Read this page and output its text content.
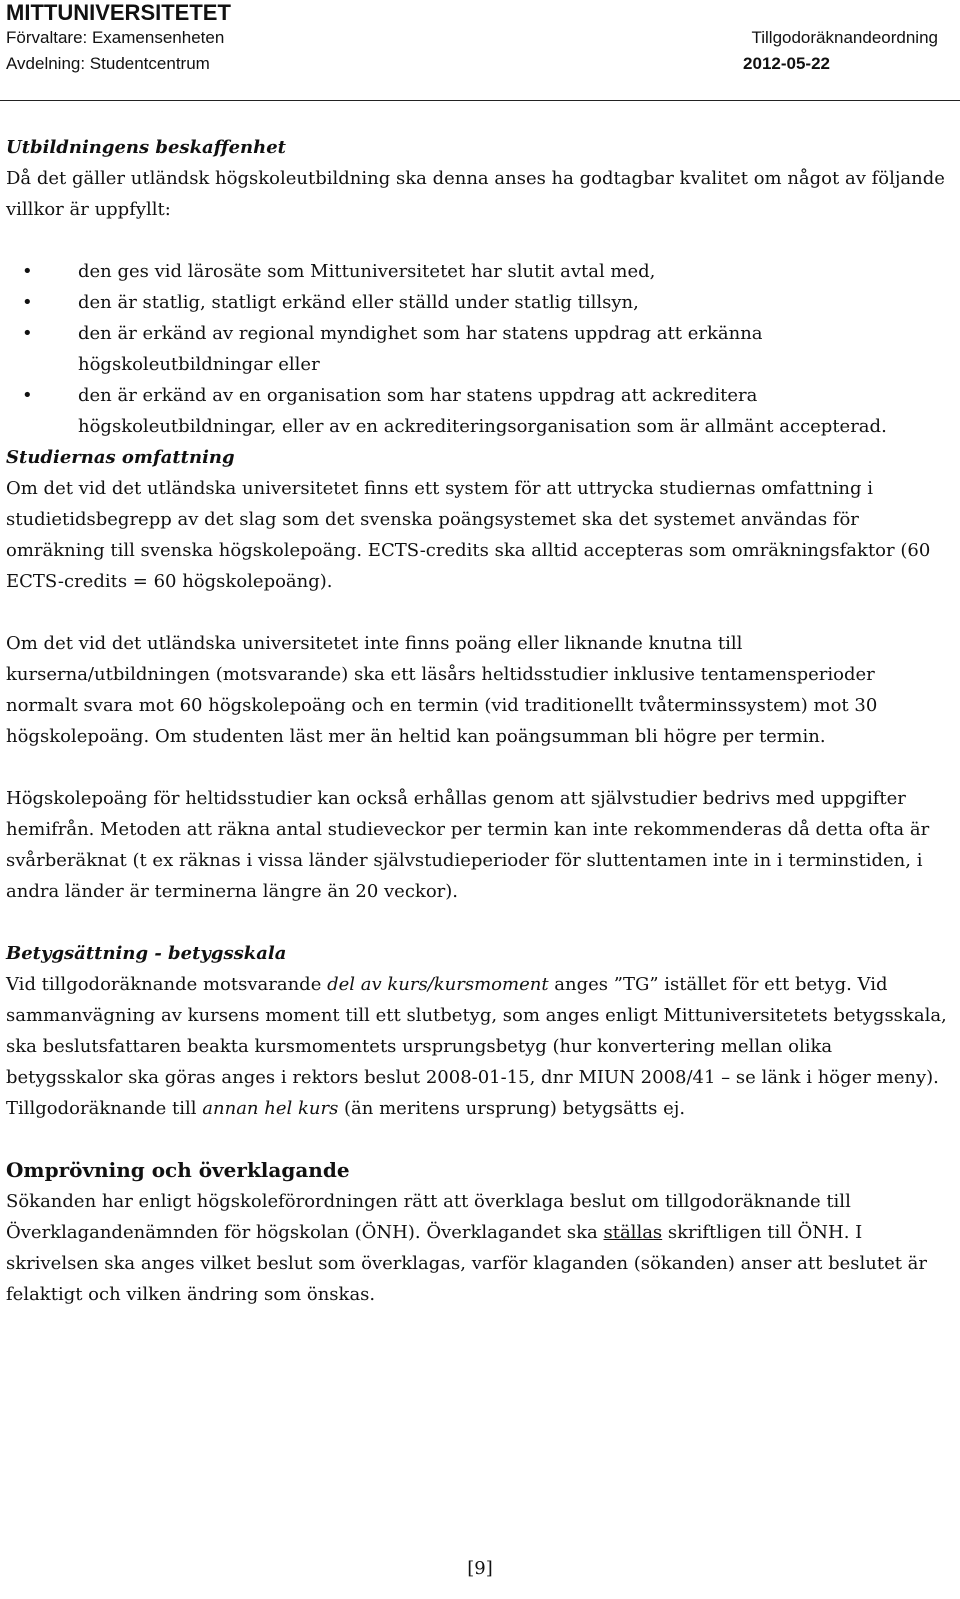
MITTUNIVERSITETET
Förvaltare: Examensenheten
Avdelning: Studentcentrum
Tillgodoräknandeordning
2012-05-22

Utbildningens beskaffenhet

Då det gäller utländsk högskoleutbildning ska denna anses ha godtagbar kvalitet om något av följande villkor är uppfyllt:

• den ges vid lärosäte som Mittuniversitetet har slutit avtal med,
• den är statlig, statligt erkänd eller ställd under statlig tillsyn,
• den är erkänd av regional myndighet som har statens uppdrag att erkänna högskoleutbildningar eller
• den är erkänd av en organisation som har statens uppdrag att ackreditera högskoleutbildningar, eller av en ackrediteringsorganisation som är allmänt accepterad.

Studiernas omfattning

Om det vid det utländska universitetet finns ett system för att uttrycka studiernas omfattning i studietidsbegrepp av det slag som det svenska poängsystemet ska det systemet användas för omräkning till svenska högskolepoäng. ECTS-credits ska alltid accepteras som omräkningsfaktor (60 ECTS-credits = 60 högskolepoäng).

Om det vid det utländska universitetet inte finns poäng eller liknande knutna till kurserna/utbildningen (motsvarande) ska ett läsårs heltidsstudier inklusive tentamensperioder normalt svara mot 60 högskolepoäng och en termin (vid traditionellt tvåterminssystem) mot 30 högskolepoäng. Om studenten läst mer än heltid kan poängsumman bli högre per termin.

Högskolepoäng för heltidsstudier kan också erhållas genom att självstudier bedrivs med uppgifter hemifrån. Metoden att räkna antal studieveckor per termin kan inte rekommenderas då detta ofta är svårberäknat (t ex räknas i vissa länder självstudieperioder för sluttentamen inte in i terminstiden, i andra länder är terminerna längre än 20 veckor).

Betygsättning - betygsskala

Vid tillgodoräknande motsvarande del av kurs/kursmoment anges ”TG” istället för ett betyg. Vid sammanvägning av kursens moment till ett slutbetyg, som anges enligt Mittuniversitetets betygsskala, ska beslutsfattaren beakta kursmomentets ursprungsbetyg (hur konvertering mellan olika betygsskalor ska göras anges i rektors beslut 2008-01-15, dnr MIUN 2008/41 – se länk i höger meny). Tillgodoräknande till annan hel kurs (än meritens ursprung) betygsätts ej.

Omprövning och överklagande

Sökanden har enligt högskoleförordningen rätt att överklaga beslut om tillgodoräknande till Överklagandenämnden för högskolan (ÖNH). Överklagandet ska ställas skriftligen till ÖNH. I skrivelsen ska anges vilket beslut som överklagas, varför klaganden (sökanden) anser att beslutet är felaktigt och vilken ändring som önskas.

[9]
